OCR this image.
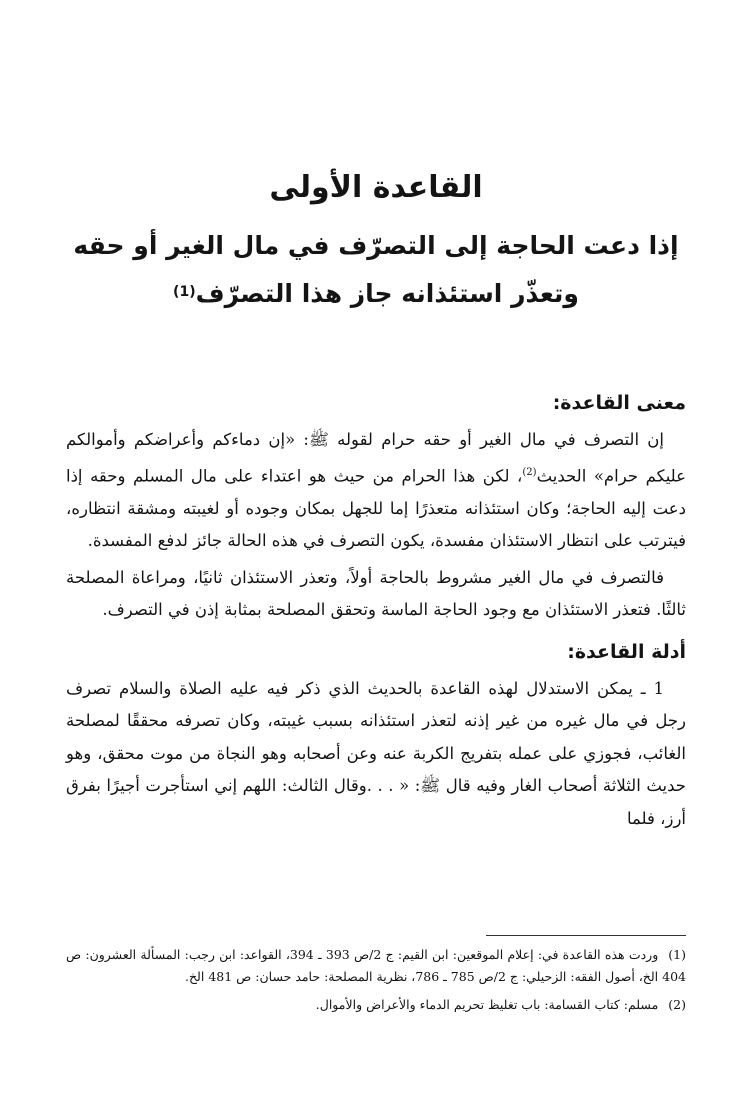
القاعدة الأولى
إذا دعت الحاجة إلى التصرّف في مال الغير أو حقه
وتعذّر استئذانه جاز هذا التصرّف$^{(1)}$
معنى القاعدة:

إن التصرف في مال الغير أو حقه حرام لقوله ﷺ: «إن دماءكم وأعراضكم وأموالكم عليكم حرام» الحديث$^{(2)}$، لكن هذا الحرام من حيث هو اعتداء على مال المسلم وحقه إذا دعت إليه الحاجة؛ وكان استئذانه متعذرًا إما للجهل بمكان وجوده أو لغيبته ومشقة انتظاره، فيترتب على انتظار الاستئذان مفسدة، يكون التصرف في هذه الحالة جائز لدفع المفسدة.

فالتصرف في مال الغير مشروط بالحاجة أولاً، وتعذر الاستئذان ثانيًا، ومراعاة المصلحة ثالثًا. فتعذر الاستئذان مع وجود الحاجة الماسة وتحقق المصلحة بمثابة إذن في التصرف.

أدلة القاعدة:

1 ـ يمكن الاستدلال لهذه القاعدة بالحديث الذي ذكر فيه عليه الصلاة والسلام تصرف رجل في مال غيره من غير إذنه لتعذر استئذانه بسبب غيبته، وكان تصرفه محققًا لمصلحة الغائب، فجوزي على عمله بتفريج الكربة عنه وعن أصحابه وهو النجاة من موت محقق، وهو حديث الثلاثة أصحاب الغار وفيه قال ﷺ: « . . .وقال الثالث: اللهم إني استأجرت أجيرًا بفرق أرز، فلما

(1)وردت هذه القاعدة في: إعلام الموقعين: ابن القيم: ج 2/ص 393 ـ 394، القواعد: ابن رجب: المسألة العشرون: ص 404 الخ، أصول الفقه: الزحيلي: ج 2/ص 785 ـ 786، نظرية المصلحة: حامد حسان: ص 481 الخ.

(2)مسلم: كتاب القسامة: باب تغليظ تحريم الدماء والأعراض والأموال.
